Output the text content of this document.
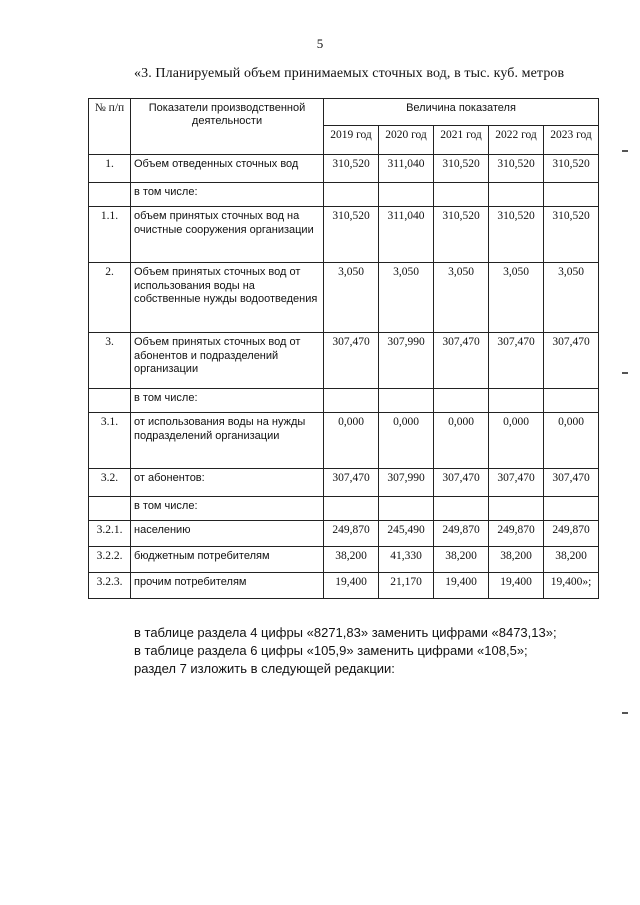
5
«3. Планируемый объем принимаемых сточных вод, в тыс. куб. метров
№ п/п	Показатели производственной деятельности	Величина показателя				
		2019 год	2020 год	2021 год	2022 год	2023 год
1.	Объем отведенных сточных вод	310,520	311,040	310,520	310,520	310,520
	в том числе:					
1.1.	объем принятых сточных вод на очистные сооружения организации	310,520	311,040	310,520	310,520	310,520
2.	Объем принятых сточных вод от использования воды на собственные нужды водоотведения	3,050	3,050	3,050	3,050	3,050
3.	Объем принятых сточных вод от абонентов и подразделений организации	307,470	307,990	307,470	307,470	307,470
	в том числе:					
3.1.	от использования воды на нужды подразделений организации	0,000	0,000	0,000	0,000	0,000
3.2.	от абонентов:	307,470	307,990	307,470	307,470	307,470
	в том числе:					
3.2.1.	населению	249,870	245,490	249,870	249,870	249,870
3.2.2.	бюджетным потребителям	38,200	41,330	38,200	38,200	38,200
3.2.3.	прочим потребителям	19,400	21,170	19,400	19,400	19,400»;
в таблице раздела 4 цифры «8271,83» заменить цифрами «8473,13»;
в таблице раздела 6 цифры «105,9» заменить цифрами «108,5»;
раздел 7 изложить в следующей редакции:
